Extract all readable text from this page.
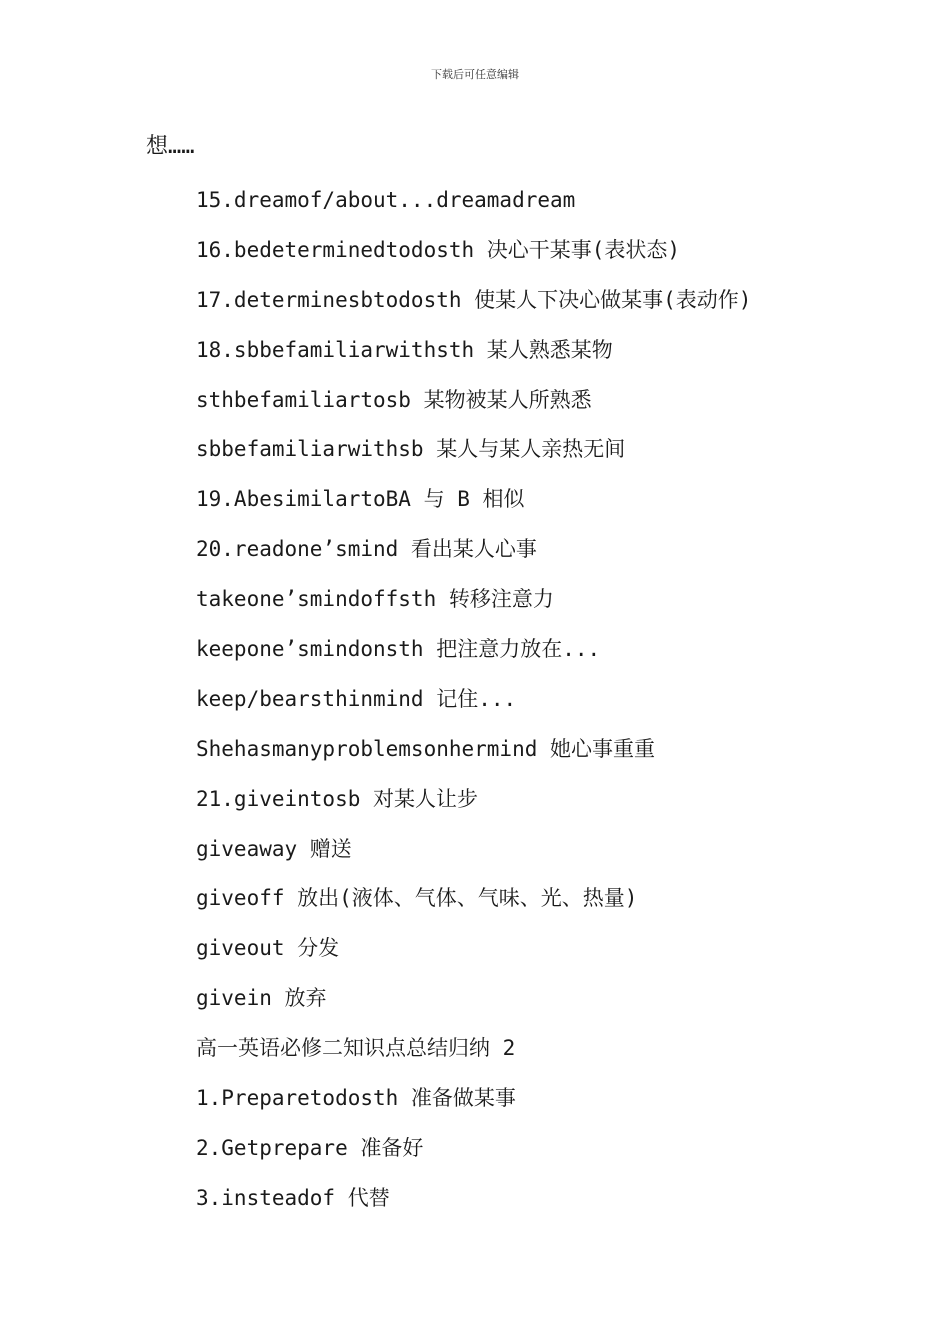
下载后可任意编辑
想……
15.dreamof/about...dreamadream
16.bedeterminedtodosth 决心干某事(表状态)
17.determinesbtodosth 使某人下决心做某事(表动作)
18.sbbefamiliarwithsth 某人熟悉某物
sthbefamiliartosb 某物被某人所熟悉
sbbefamiliarwithsb 某人与某人亲热无间
19.AbesimilartoBA 与 B 相似
20.readone’smind 看出某人心事
takeone’smindoffsth 转移注意力
keepone’smindonsth 把注意力放在...
keep/bearsthinmind 记住...
Shehasmanyproblemsonhermind 她心事重重
21.giveintosb 对某人让步
giveaway 赠送
giveoff 放出(液体、气体、气味、光、热量)
giveout 分发
givein 放弃
高一英语必修二知识点总结归纳 2
1.Preparetodosth 准备做某事
2.Getprepare 准备好
3.insteadof 代替
